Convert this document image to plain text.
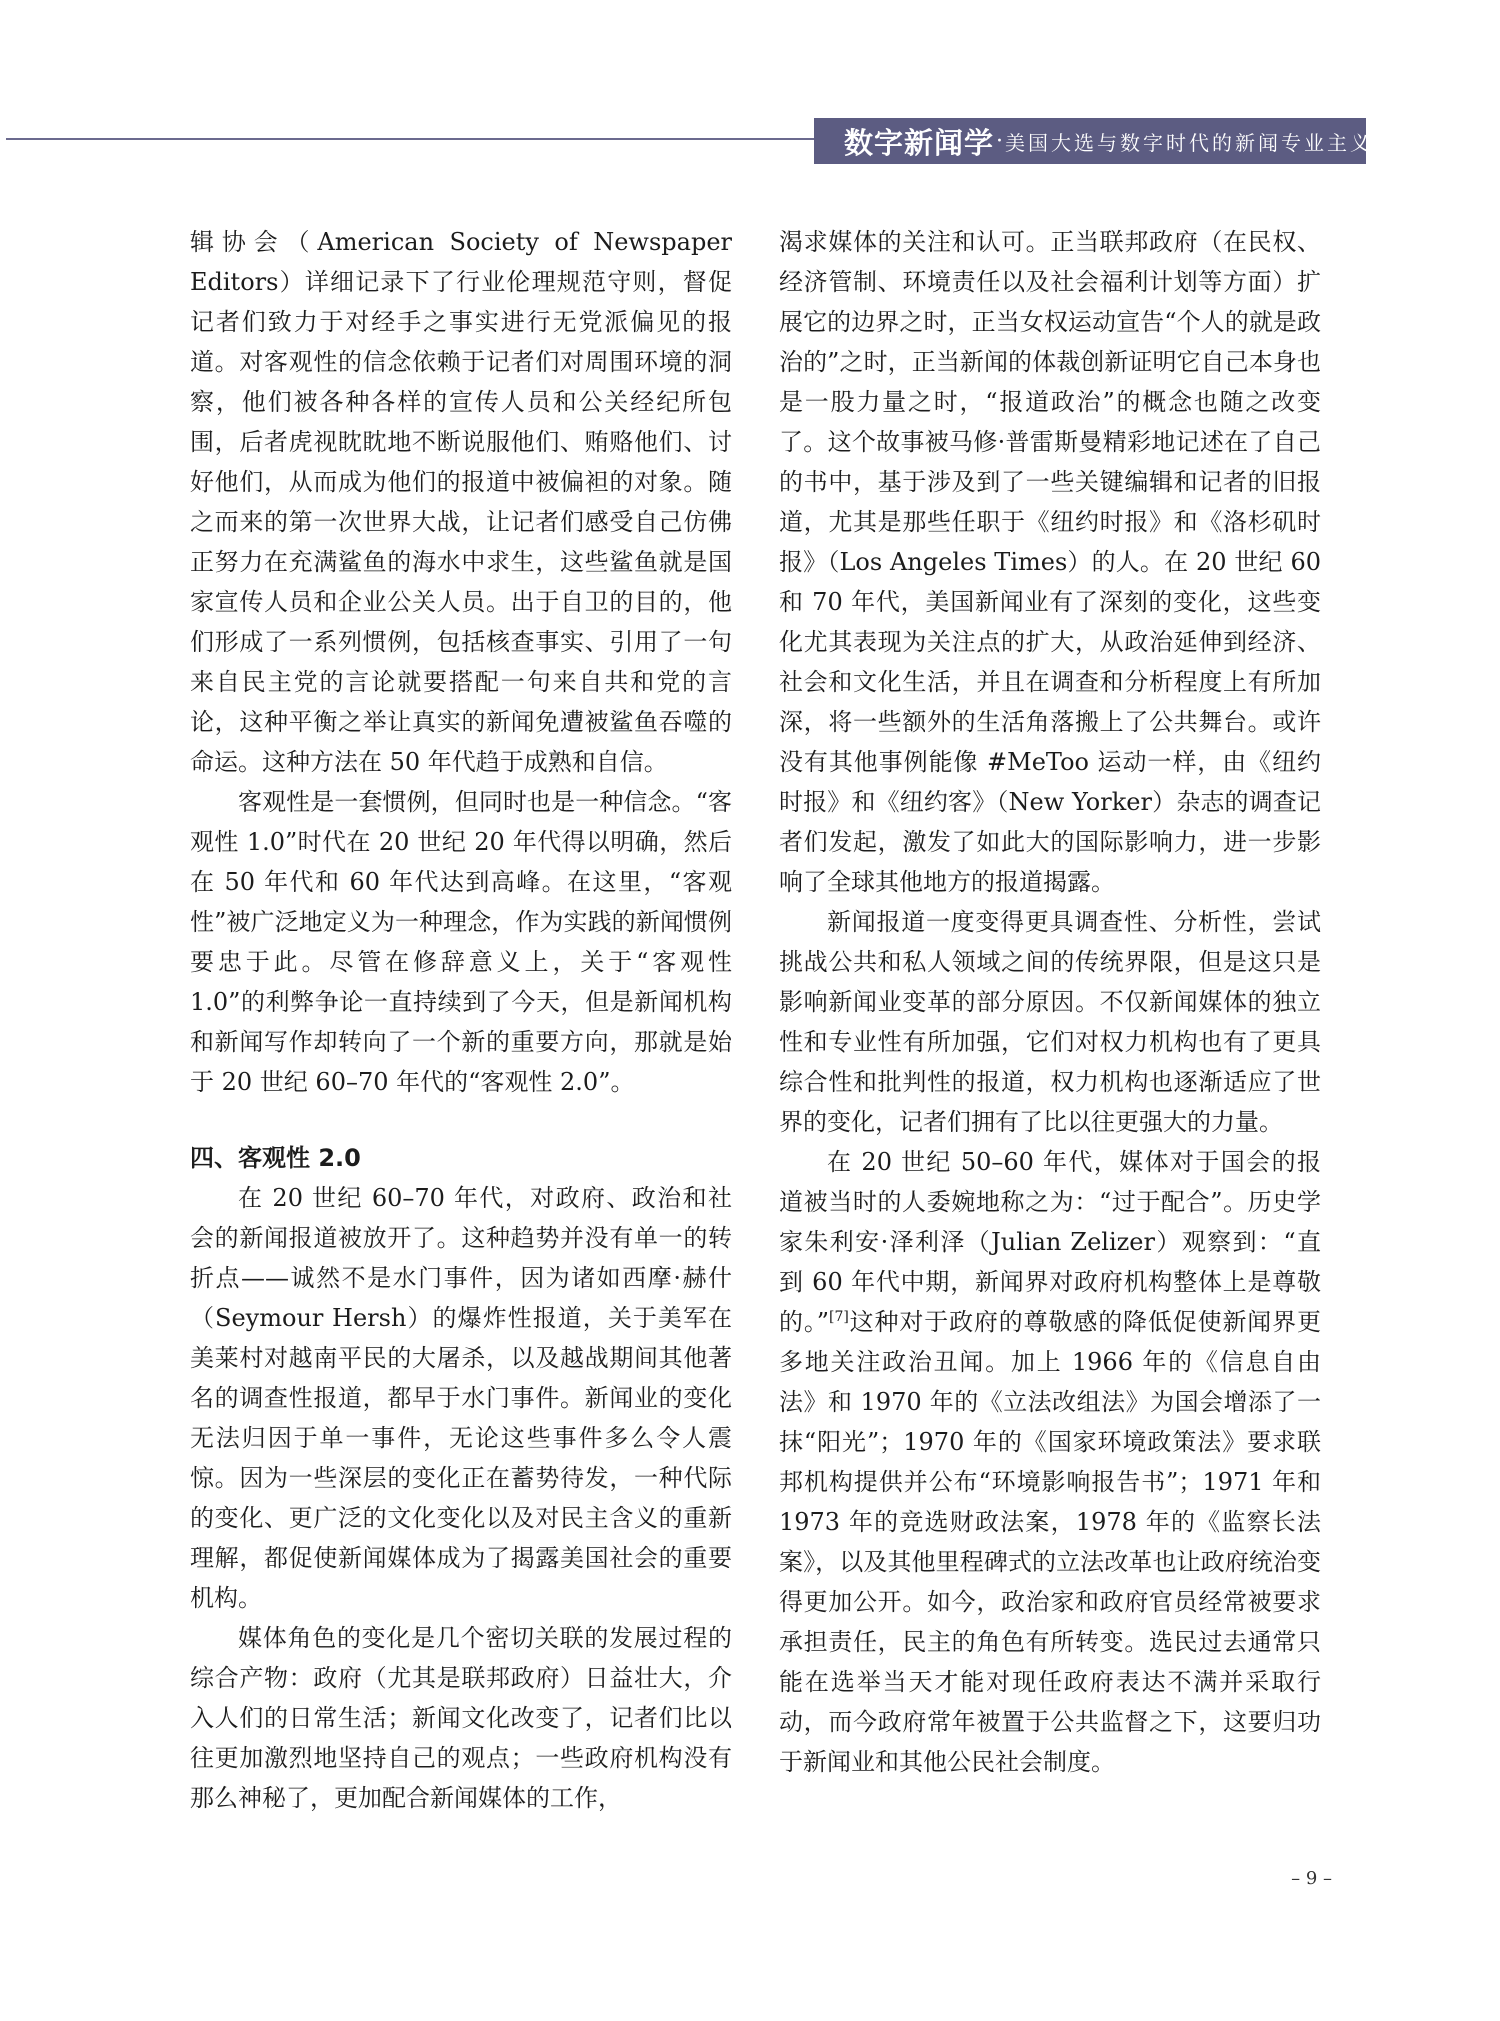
数字新闻学 · 美国大选与数字时代的新闻专业主义

辑协会（American Society of Newspaper Editors）详细记录下了行业伦理规范守则，督促记者们致力于对经手之事实进行无党派偏见的报道。对客观性的信念依赖于记者们对周围环境的洞察，他们被各种各样的宣传人员和公关经纪所包围，后者虎视眈眈地不断说服他们、贿赂他们、讨好他们，从而成为他们的报道中被偏袒的对象。随之而来的第一次世界大战，让记者们感受自己仿佛正努力在充满鲨鱼的海水中求生，这些鲨鱼就是国家宣传人员和企业公关人员。出于自卫的目的，他们形成了一系列惯例，包括核查事实、引用了一句来自民主党的言论就要搭配一句来自共和党的言论，这种平衡之举让真实的新闻免遭被鲨鱼吞噬的命运。这种方法在 50 年代趋于成熟和自信。

客观性是一套惯例，但同时也是一种信念。“客观性 1.0”时代在 20 世纪 20 年代得以明确，然后在 50 年代和 60 年代达到高峰。在这里，“客观性”被广泛地定义为一种理念，作为实践的新闻惯例要忠于此。尽管在修辞意义上，关于“客观性 1.0”的利弊争论一直持续到了今天，但是新闻机构和新闻写作却转向了一个新的重要方向，那就是始于 20 世纪 60–70 年代的“客观性 2.0”。

四、客观性 2.0

在 20 世纪 60–70 年代，对政府、政治和社会的新闻报道被放开了。这种趋势并没有单一的转折点——诚然不是水门事件，因为诸如西摩·赫什（Seymour Hersh）的爆炸性报道，关于美军在美莱村对越南平民的大屠杀，以及越战期间其他著名的调查性报道，都早于水门事件。新闻业的变化无法归因于单一事件，无论这些事件多么令人震惊。因为一些深层的变化正在蓄势待发，一种代际的变化、更广泛的文化变化以及对民主含义的重新理解，都促使新闻媒体成为了揭露美国社会的重要机构。

媒体角色的变化是几个密切关联的发展过程的综合产物：政府（尤其是联邦政府）日益壮大，介入人们的日常生活；新闻文化改变了，记者们比以往更加激烈地坚持自己的观点；一些政府机构没有那么神秘了，更加配合新闻媒体的工作，

渴求媒体的关注和认可。正当联邦政府（在民权、经济管制、环境责任以及社会福利计划等方面）扩展它的边界之时，正当女权运动宣告“个人的就是政治的”之时，正当新闻的体裁创新证明它自己本身也是一股力量之时，“报道政治”的概念也随之改变了。这个故事被马修·普雷斯曼精彩地记述在了自己的书中，基于涉及到了一些关键编辑和记者的旧报道，尤其是那些任职于《纽约时报》和《洛杉矶时报》（Los Angeles Times）的人。在 20 世纪 60 和 70 年代，美国新闻业有了深刻的变化，这些变化尤其表现为关注点的扩大，从政治延伸到经济、社会和文化生活，并且在调查和分析程度上有所加深，将一些额外的生活角落搬上了公共舞台。或许没有其他事例能像 #MeToo 运动一样，由《纽约时报》和《纽约客》（New Yorker）杂志的调查记者们发起，激发了如此大的国际影响力，进一步影响了全球其他地方的报道揭露。

新闻报道一度变得更具调查性、分析性，尝试挑战公共和私人领域之间的传统界限，但是这只是影响新闻业变革的部分原因。不仅新闻媒体的独立性和专业性有所加强，它们对权力机构也有了更具综合性和批判性的报道，权力机构也逐渐适应了世界的变化，记者们拥有了比以往更强大的力量。

在 20 世纪 50–60 年代，媒体对于国会的报道被当时的人委婉地称之为：“过于配合”。历史学家朱利安·泽利泽（Julian Zelizer）观察到：“直到 60 年代中期，新闻界对政府机构整体上是尊敬的。”[7]这种对于政府的尊敬感的降低促使新闻界更多地关注政治丑闻。加上 1966 年的《信息自由法》和 1970 年的《立法改组法》为国会增添了一抹“阳光”；1970 年的《国家环境政策法》要求联邦机构提供并公布“环境影响报告书”；1971 年和 1973 年的竞选财政法案，1978 年的《监察长法案》，以及其他里程碑式的立法改革也让政府统治变得更加公开。如今，政治家和政府官员经常被要求承担责任，民主的角色有所转变。选民过去通常只能在选举当天才能对现任政府表达不满并采取行动，而今政府常年被置于公共监督之下，这要归功于新闻业和其他公民社会制度。

– 9 –
